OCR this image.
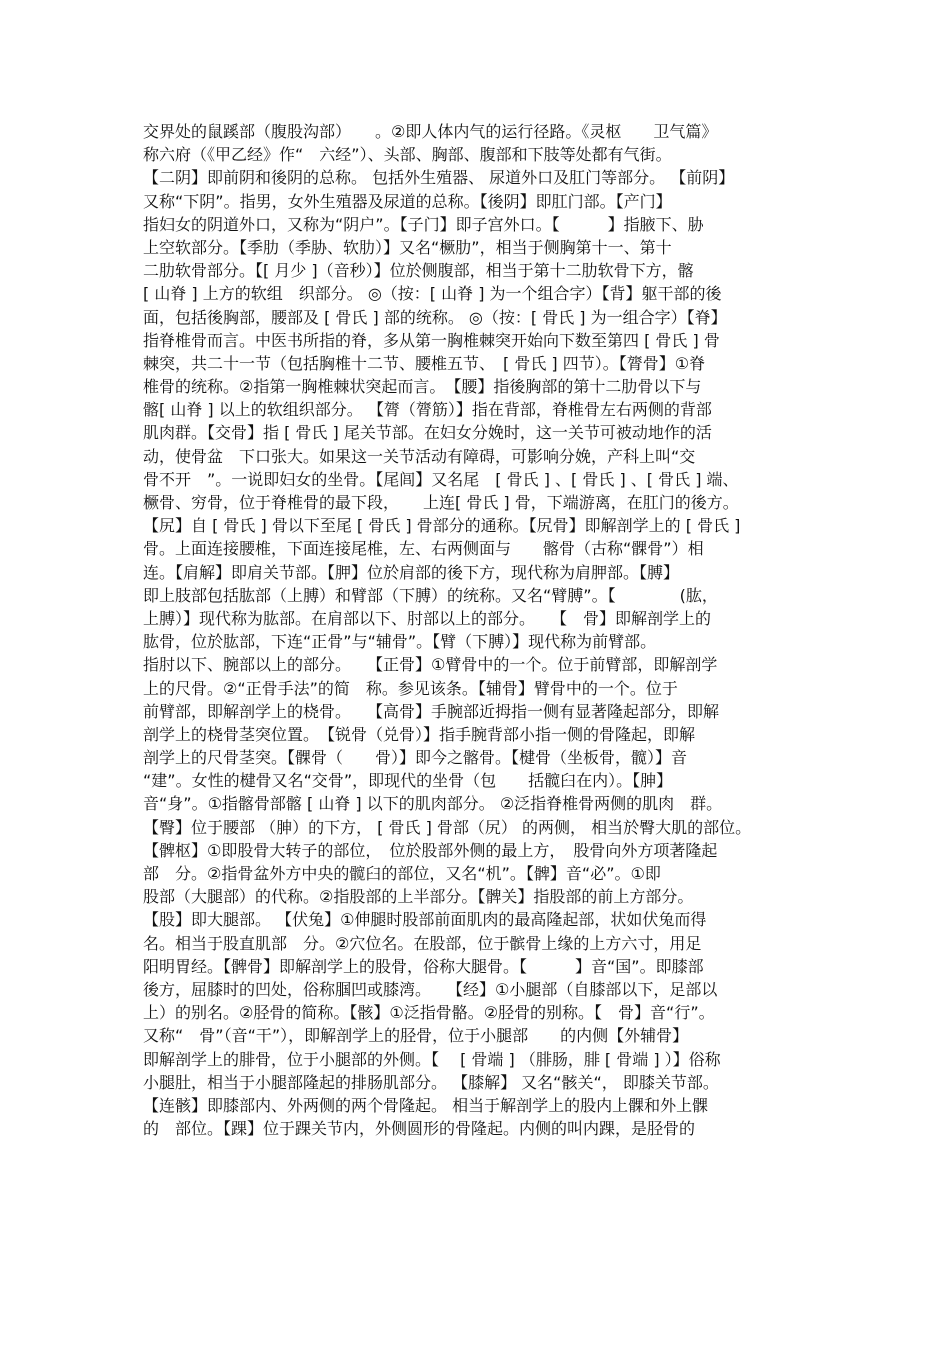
交界处的鼠蹊部（腹股沟部）　　。②即人体内气的运行径路。《灵枢　　卫气篇》
称六府（《甲乙经》作“　六经”）、头部、胸部、腹部和下肢等处都有气街。
【二阴】即前阴和後阴的总称。 包括外生殖器、 尿道外口及肛门等部分。 【前阴】
又称“下阴”。指男，女外生殖器及尿道的总称。【後阴】即肛门部。【产门】
指妇女的阴道外口，又称为“阴户”。【子门】即子宫外口。【　　　】指腋下、胁
上空软部分。【季肋（季胁、软肋）】又名“橛肋”，相当于侧胸第十一、第十
二肋软骨部分。【[ 月少 ]（音秒）】位於侧腹部，相当于第十二肋软骨下方，髂
[ 山脊 ] 上方的软组　织部分。 ◎（按：[ 山脊 ] 为一个组合字）【背】躯干部的後
面，包括後胸部，腰部及 [ 骨氏 ] 部的统称。 ◎（按：[ 骨氏 ] 为一组合字）【脊】
指脊椎骨而言。中医书所指的脊，多从第一胸椎棘突开始向下数至第四 [ 骨氏 ] 骨
棘突，共二十一节（包括胸椎十二节、腰椎五节、　[ 骨氏 ] 四节）。【膂骨】①脊
椎骨的统称。②指第一胸椎棘状突起而言。　【腰】指後胸部的第十二肋骨以下与
髂[ 山脊 ] 以上的软组织部分。 【膂（膂筋）】指在背部，脊椎骨左右两侧的背部
肌肉群。【交骨】指 [ 骨氏 ] 尾关节部。在妇女分娩时，这一关节可被动地作的活
动，使骨盆　下口张大。如果这一关节活动有障碍，可影响分娩，产科上叫“交
骨不开　”。一说即妇女的坐骨。【尾闾】又名尾　[ 骨氏 ] 、[ 骨氏 ] 、[ 骨氏 ] 端、
橛骨、穷骨，位于脊椎骨的最下段，　　上连[ 骨氏 ] 骨，下端游离，在肛门的後方。
【尻】自 [ 骨氏 ] 骨以下至尾 [ 骨氏 ] 骨部分的通称。【尻骨】即解剖学上的 [ 骨氏 ]
骨。上面连接腰椎，下面连接尾椎，左、右两侧面与　　髂骨（古称“髁骨”）相
连。【肩解】即肩关节部。【胛】位於肩部的後下方，现代称为肩胛部。【膊】
即上肢部包括肱部（上膊）和臂部（下膊）的统称。又名“臂膊”。【　　　　(肱，
上膊）】现代称为肱部。在肩部以下、肘部以上的部分。　　【　骨】即解剖学上的
肱骨，位於肱部，下连“正骨”与“辅骨”。【臂（下膊）】现代称为前臂部。
指肘以下、腕部以上的部分。　　【正骨】①臂骨中的一个。位于前臂部，即解剖学
上的尺骨。②“正骨手法”的简　称。参见该条。【辅骨】臂骨中的一个。位于
前臂部，即解剖学上的桡骨。　　【高骨】手腕部近拇指一侧有显著隆起部分，即解
剖学上的桡骨茎突位置。　【锐骨（兑骨）】指手腕背部小指一侧的骨隆起，即解
剖学上的尺骨茎突。【髁骨（　　骨）】即今之髂骨。【楗骨（坐板骨，髋）】音
“建”。女性的楗骨又名“交骨”，即现代的坐骨（包　　括髋臼在内）。【胂】
音“身”。①指髂骨部髂 [ 山脊 ] 以下的肌肉部分。 ②泛指脊椎骨两侧的肌肉　群。
【臀】位于腰部 （胂）的下方， [ 骨氏 ] 骨部（尻） 的两侧， 相当於臀大肌的部位。
【髀枢】①即股骨大转子的部位，　位於股部外侧的最上方，　股骨向外方项著隆起
部　分。②指骨盆外方中央的髋臼的部位，又名“机”。【髀】音“必”。①即
股部（大腿部）的代称。②指股部的上半部分。【髀关】指股部的前上方部分。
【股】即大腿部。 【伏兔】①伸腿时股部前面肌肉的最高隆起部，状如伏兔而得
名。相当于股直肌部　分。②穴位名。在股部，位于髌骨上缘的上方六寸，用足
阳明胃经。【髀骨】即解剖学上的股骨，俗称大腿骨。【　　　】音“国”。即膝部
後方，屈膝时的凹处，俗称腘凹或膝湾。　　【经】①小腿部（自膝部以下，足部以
上）的别名。②胫骨的简称。【骸】①泛指骨骼。②胫骨的别称。【　骨】音“行”。
又称“　骨”（音“干”），即解剖学上的胫骨，位于小腿部　　的内侧【外辅骨】
即解剖学上的腓骨，位于小腿部的外侧。【　 [ 骨端 ] （腓肠，腓 [ 骨端 ] ）】俗称
小腿肚，相当于小腿部隆起的排肠肌部分。 【膝解】 又名“骸关“， 即膝关节部。
【连骸】即膝部内、外两侧的两个骨隆起。 相当于解剖学上的股内上髁和外上髁
的　部位。【踝】位于踝关节内，外侧圆形的骨隆起。内侧的叫内踝，是胫骨的
